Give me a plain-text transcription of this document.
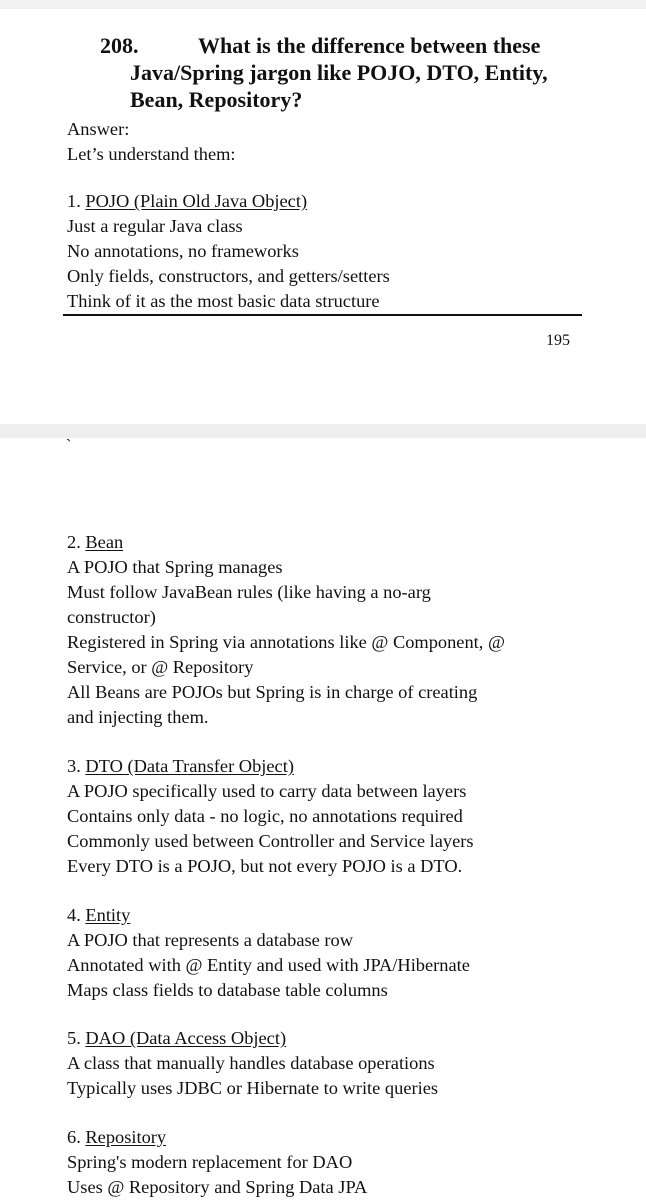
208.	What is the difference between these Java/Spring jargon like POJO, DTO, Entity, Bean, Repository?
Answer:
Let’s understand them:
1. POJO (Plain Old Java Object)
Just a regular Java class
No annotations, no frameworks
Only fields, constructors, and getters/setters
Think of it as the most basic data structure
195
`
2. Bean
A POJO that Spring manages
Must follow JavaBean rules (like having a no-arg
constructor)
Registered in Spring via annotations like @ Component, @
Service, or @ Repository
All Beans are POJOs but Spring is in charge of creating
and injecting them.
3. DTO (Data Transfer Object)
A POJO specifically used to carry data between layers
Contains only data - no logic, no annotations required
Commonly used between Controller and Service layers
Every DTO is a POJO, but not every POJO is a DTO.
4. Entity
A POJO that represents a database row
Annotated with @ Entity and used with JPA/Hibernate
Maps class fields to database table columns
5. DAO (Data Access Object)
A class that manually handles database operations
Typically uses JDBC or Hibernate to write queries
6. Repository
Spring's modern replacement for DAO
Uses @ Repository and Spring Data JPA
